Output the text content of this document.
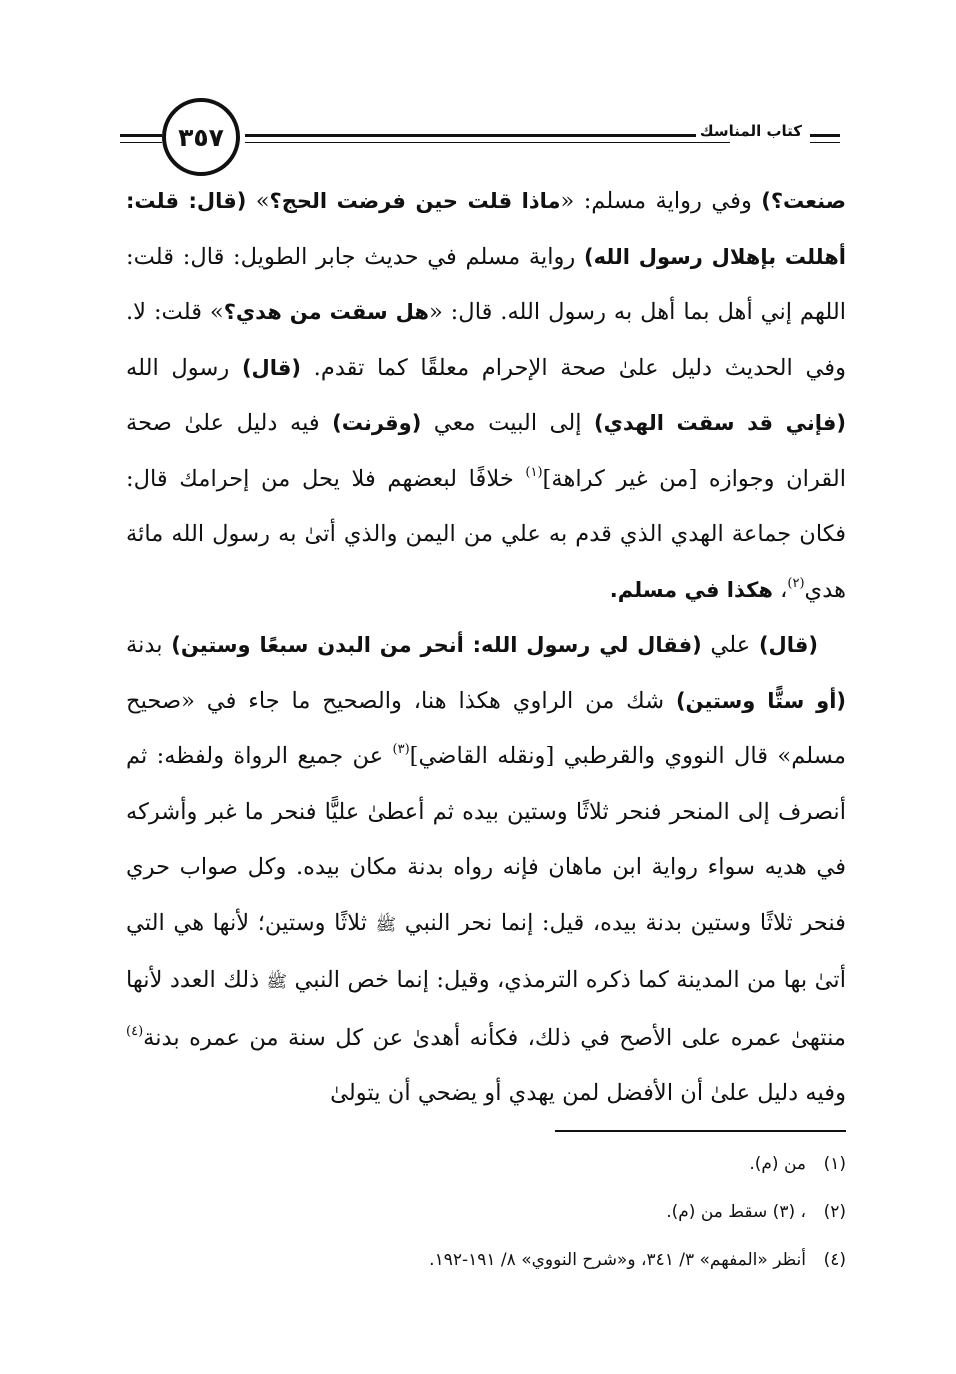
٣٥٧	كتاب المناسك

صنعت؟) وفي رواية مسلم: «ماذا قلت حين فرضت الحج؟» (قال: قلت: أهللت بإهلال رسول الله) رواية مسلم في حديث جابر الطويل: قال: قلت: اللهم إني أهل بما أهل به رسول الله. قال: «هل سقت من هدي؟» قلت: لا. وفي الحديث دليل علىٰ صحة الإحرام معلقًا كما تقدم. (قال) رسول الله (فإني قد سقت الهدي) إلى البيت معي (وقرنت) فيه دليل علىٰ صحة القران وجوازه [من غير كراهة]$^{(١)}$ خلافًا لبعضهم فلا يحل من إحرامك قال: فكان جماعة الهدي الذي قدم به علي من اليمن والذي أتىٰ به رسول الله مائة هدي$^{(٢)}$، هكذا في مسلم.

(قال) علي (فقال لي رسول الله: أنحر من البدن سبعًا وستين) بدنة (أو ستًّا وستين) شك من الراوي هكذا هنا، والصحيح ما جاء في «صحيح مسلم» قال النووي والقرطبي [ونقله القاضي]$^{(٣)}$ عن جميع الرواة ولفظه: ثم أنصرف إلى المنحر فنحر ثلاثًا وستين بيده ثم أعطىٰ عليًّا فنحر ما غبر وأشركه في هديه سواء رواية ابن ماهان فإنه رواه بدنة مكان بيده. وكل صواب حري فنحر ثلاثًا وستين بدنة بيده، قيل: إنما نحر النبي ﷺ ثلاثًا وستين؛ لأنها هي التي أتىٰ بها من المدينة كما ذكره الترمذي، وقيل: إنما خص النبي ﷺ ذلك العدد لأنها منتهىٰ عمره على الأصح في ذلك، فكأنه أهدىٰ عن كل سنة من عمره بدنة$^{(٤)}$ وفيه دليل علىٰ أن الأفضل لمن يهدي أو يضحي أن يتولىٰ

(١)من (م).
(٢)، (٣) سقط من (م).
(٤)أنظر «المفهم» ٣/ ٣٤١، و«شرح النووي» ٨/ ١٩١-١٩٢.
